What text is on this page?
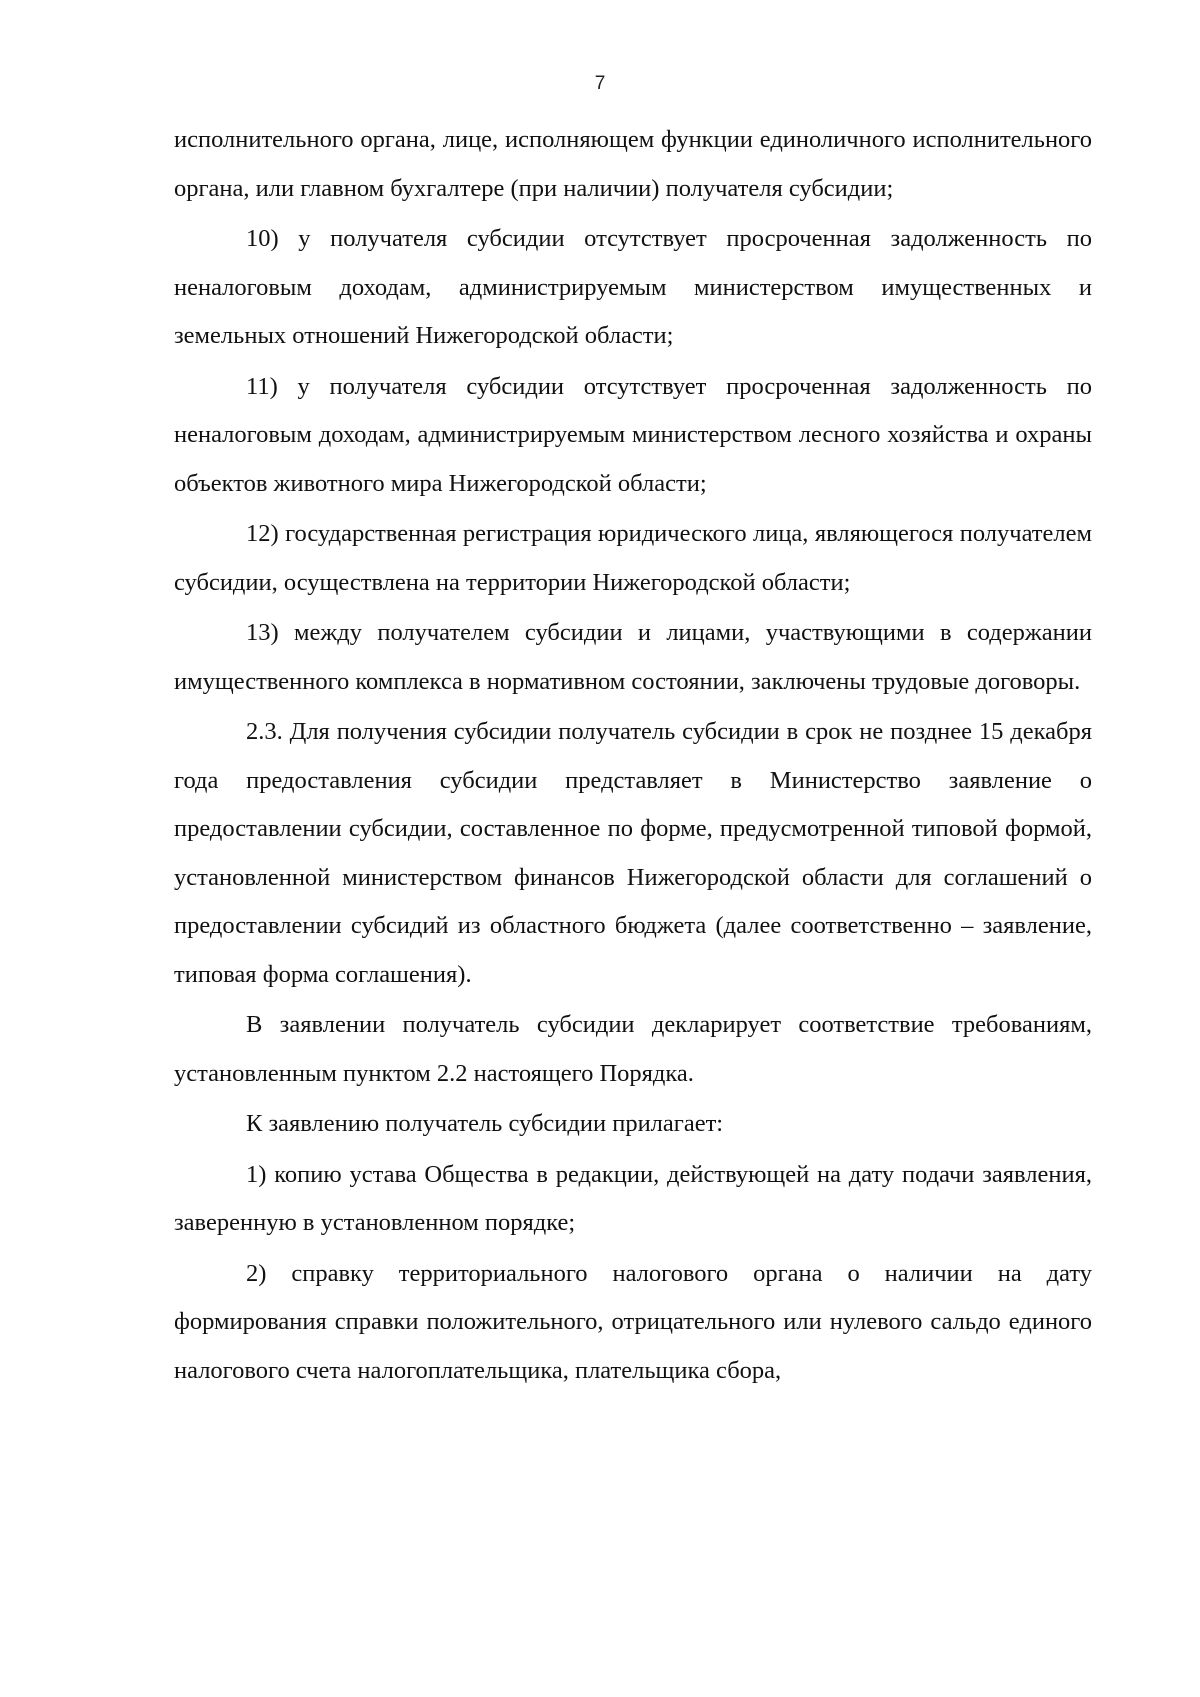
7

исполнительного органа, лице, исполняющем функции единоличного исполнительного органа, или главном бухгалтере (при наличии) получателя субсидии;

10) у получателя субсидии отсутствует просроченная задолженность по неналоговым доходам, администрируемым министерством имущественных и земельных отношений Нижегородской области;

11) у получателя субсидии отсутствует просроченная задолженность по неналоговым доходам, администрируемым министерством лесного хозяйства и охраны объектов животного мира Нижегородской области;

12) государственная регистрация юридического лица, являющегося получателем субсидии, осуществлена на территории Нижегородской области;

13) между получателем субсидии и лицами, участвующими в содержании имущественного комплекса в нормативном состоянии, заключены трудовые договоры.

2.3. Для получения субсидии получатель субсидии в срок не позднее 15 декабря года предоставления субсидии представляет в Министерство заявление о предоставлении субсидии, составленное по форме, предусмотренной типовой формой, установленной министерством финансов Нижегородской области для соглашений о предоставлении субсидий из областного бюджета (далее соответственно – заявление, типовая форма соглашения).

В заявлении получатель субсидии декларирует соответствие требованиям, установленным пунктом 2.2 настоящего Порядка.

К заявлению получатель субсидии прилагает:

1) копию устава Общества в редакции, действующей на дату подачи заявления, заверенную в установленном порядке;

2) справку территориального налогового органа о наличии на дату формирования справки положительного, отрицательного или нулевого сальдо единого налогового счета налогоплательщика, плательщика сбора,
